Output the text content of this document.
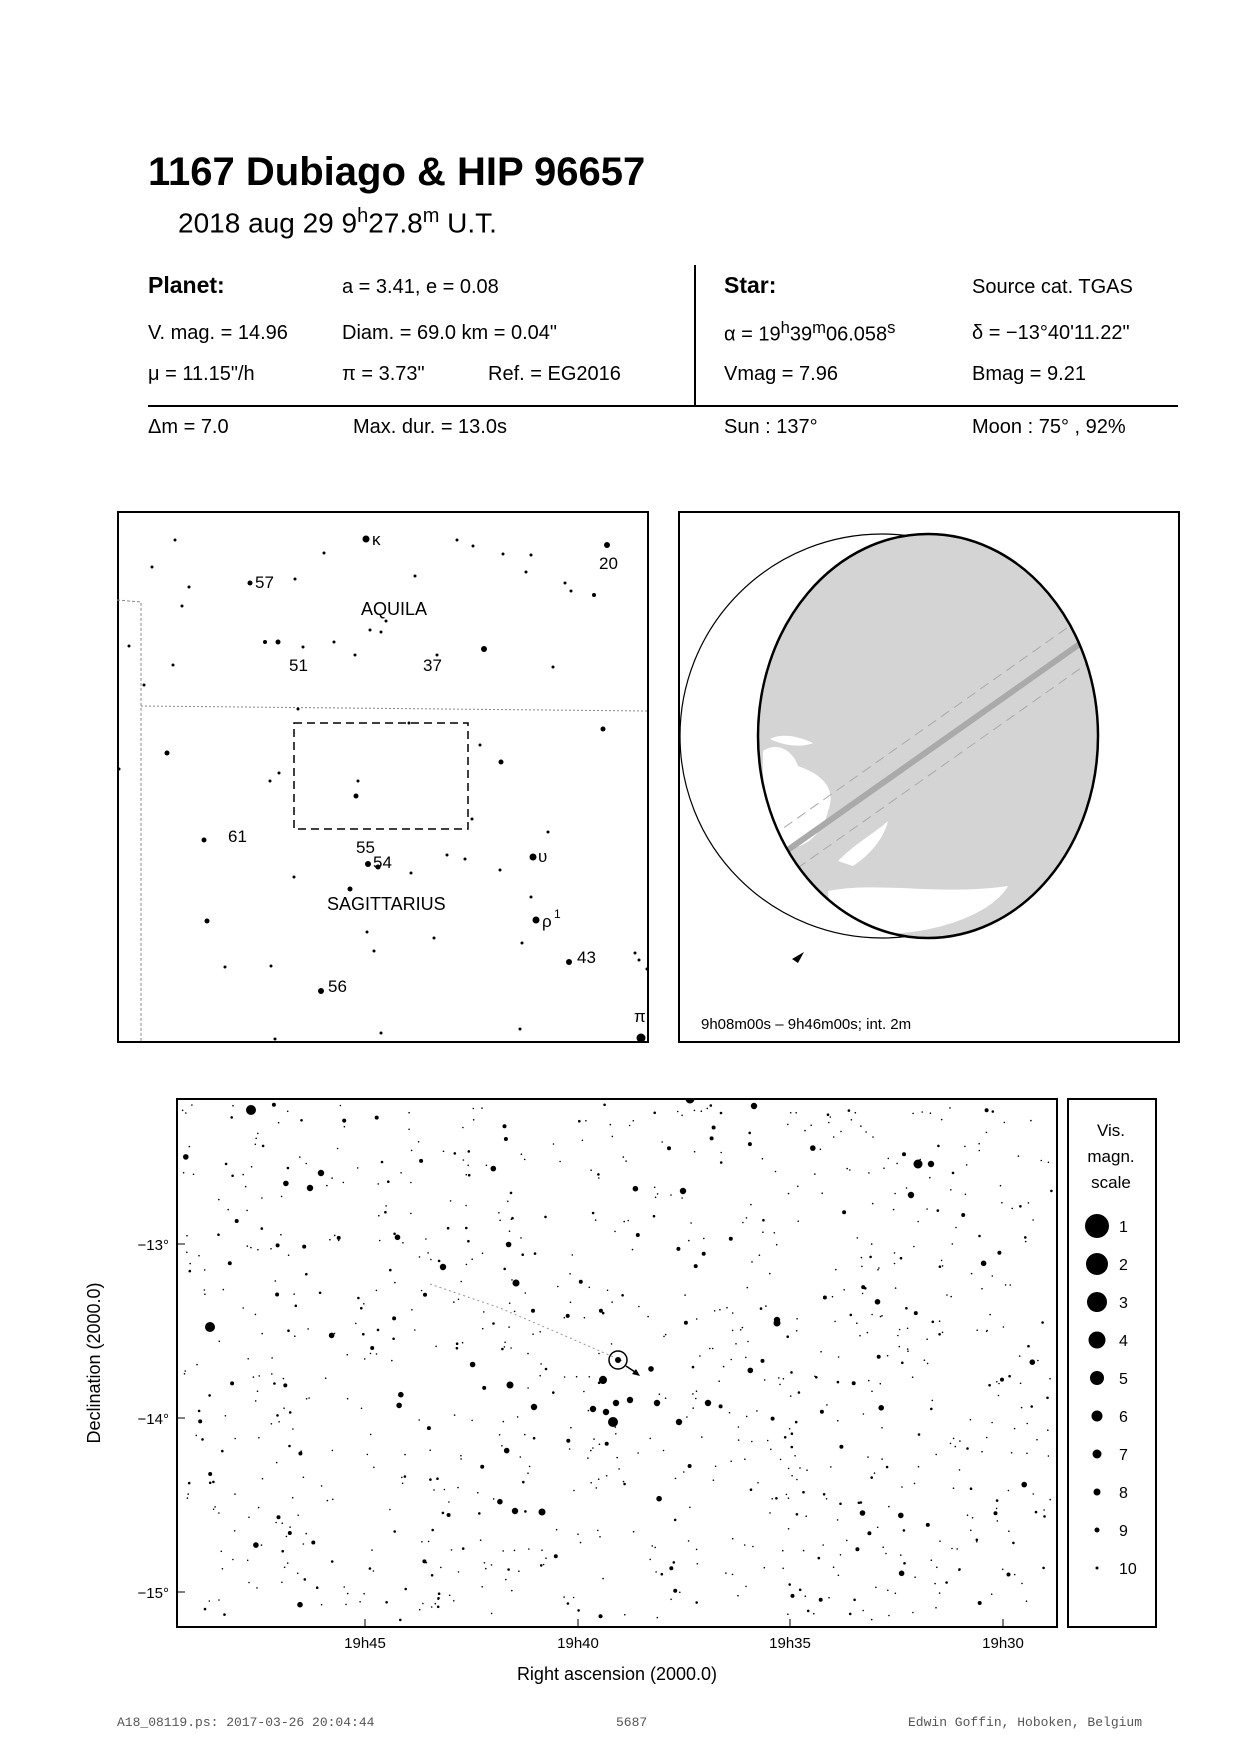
1167 Dubiago & HIP 96657
2018 aug 29 9$^h$27.8$^m$ U.T.
Planet:	a = 3.41, e = 0.08
V. mag. = 14.96	Diam. = 69.0 km = 0.04"
μ = 11.15"/h	π = 3.73"	Ref. = EG2016
Star:	Source cat. TGAS
$\alpha = 19^h39^m06.058^s$	δ = −13°40'11.22"
Vmag = 7.96	Bmag = 9.21
Δm = 7.0	Max. dur. = 13.0s	Sun : 137°	Moon : 75° , 92%
κ
20
57
AQUILA
51	37
61
55
54	υ
SAGITTARIUS
ρ 1
43
56
π	9h08m00s – 9h46m00s; int. 2m
−13°
−14°
−15°
19h45	19h40	19h35	19h30
Right ascension (2000.0)
Declination (2000.0)
Vis.
magn.
scale
1
2
3
4
5
6
7
8
9
10
A18_08119.ps: 2017-03-26 20:04:44	5687	Edwin Goffin, Hoboken, Belgium
